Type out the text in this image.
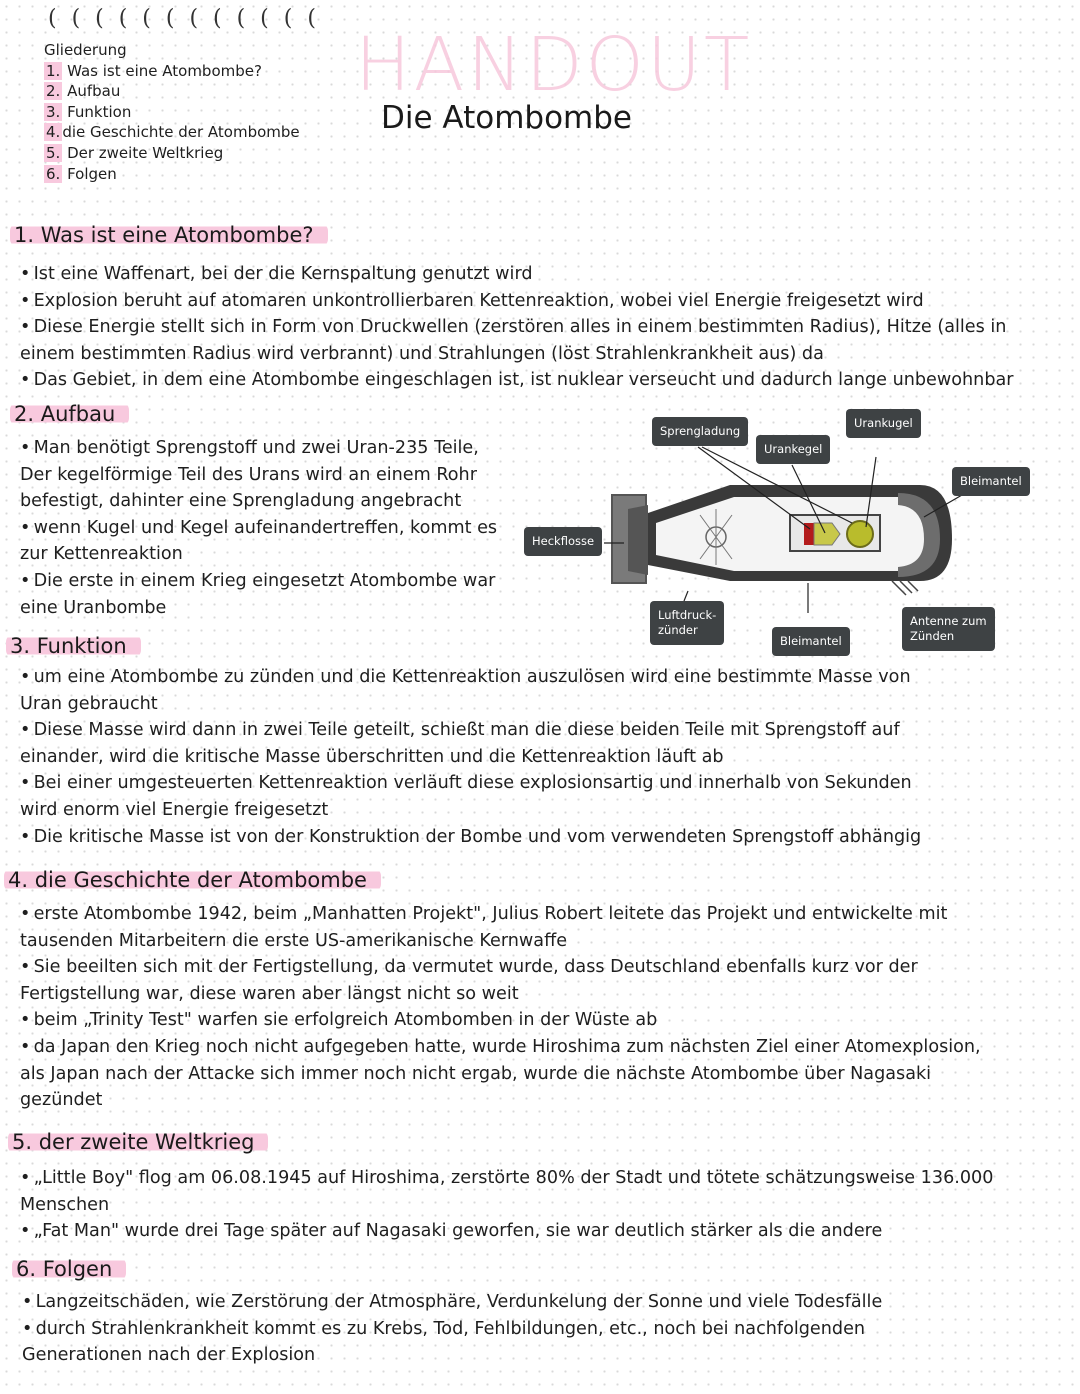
( ( ( ( ( ( ( ( ( ( ( (
Gliederung
1. Was ist eine Atombombe?
2. Aufbau
3. Funktion
4. die Geschichte der Atombombe
5. Der zweite Weltkrieg
6. Folgen
HANDOUT
Die Atombombe
1. Was ist eine Atombombe?

• Ist eine Waffenart, bei der die Kernspaltung genutzt wird

• Explosion beruht auf atomaren unkontrollierbaren Kettenreaktion, wobei viel Energie freigesetzt wird

• Diese Energie stellt sich in Form von Druckwellen (zerstören alles in einem bestimmten Radius), Hitze (alles in

einem bestimmten Radius wird verbrannt) und Strahlungen (löst Strahlenkrankheit aus) da

• Das Gebiet, in dem eine Atombombe eingeschlagen ist, ist nuklear verseucht und dadurch lange unbewohnbar

2. Aufbau

• Man benötigt Sprengstoff und zwei Uran-235 Teile,

Der kegelförmige Teil des Urans wird an einem Rohr

befestigt, dahinter eine Sprengladung angebracht

• wenn Kugel und Kegel aufeinandertreffen, kommt es

zur Kettenreaktion

• Die erste in einem Krieg eingesetzt Atombombe war

eine Uranbombe

Sprengladung
Urankegel
Urankugel
Bleimantel
Heckflosse
Luftdruck-
zünder
Bleimantel
Antenne zum
Zünden
3. Funktion

• um eine Atombombe zu zünden und die Kettenreaktion auszulösen wird eine bestimmte Masse von

Uran gebraucht

• Diese Masse wird dann in zwei Teile geteilt, schießt man die diese beiden Teile mit Sprengstoff auf

einander, wird die kritische Masse überschritten und die Kettenreaktion läuft ab

• Bei einer umgesteuerten Kettenreaktion verläuft diese explosionsartig und innerhalb von Sekunden

wird enorm viel Energie freigesetzt

• Die kritische Masse ist von der Konstruktion der Bombe und vom verwendeten Sprengstoff abhängig

4. die Geschichte der Atombombe

• erste Atombombe 1942, beim „Manhatten Projekt", Julius Robert leitete das Projekt und entwickelte mit

tausenden Mitarbeitern die erste US-amerikanische Kernwaffe

• Sie beeilten sich mit der Fertigstellung, da vermutet wurde, dass Deutschland ebenfalls kurz vor der

Fertigstellung war, diese waren aber längst nicht so weit

• beim „Trinity Test" warfen sie erfolgreich Atombomben in der Wüste ab

• da Japan den Krieg noch nicht aufgegeben hatte, wurde Hiroshima zum nächsten Ziel einer Atomexplosion,

als Japan nach der Attacke sich immer noch nicht ergab, wurde die nächste Atombombe über Nagasaki

gezündet

5. der zweite Weltkrieg

• „Little Boy" flog am 06.08.1945 auf Hiroshima, zerstörte 80% der Stadt und tötete schätzungsweise 136.000

Menschen

• „Fat Man" wurde drei Tage später auf Nagasaki geworfen, sie war deutlich stärker als die andere

6. Folgen

• Langzeitschäden, wie Zerstörung der Atmosphäre, Verdunkelung der Sonne und viele Todesfälle

• durch Strahlenkrankheit kommt es zu Krebs, Tod, Fehlbildungen, etc., noch bei nachfolgenden

Generationen nach der Explosion
